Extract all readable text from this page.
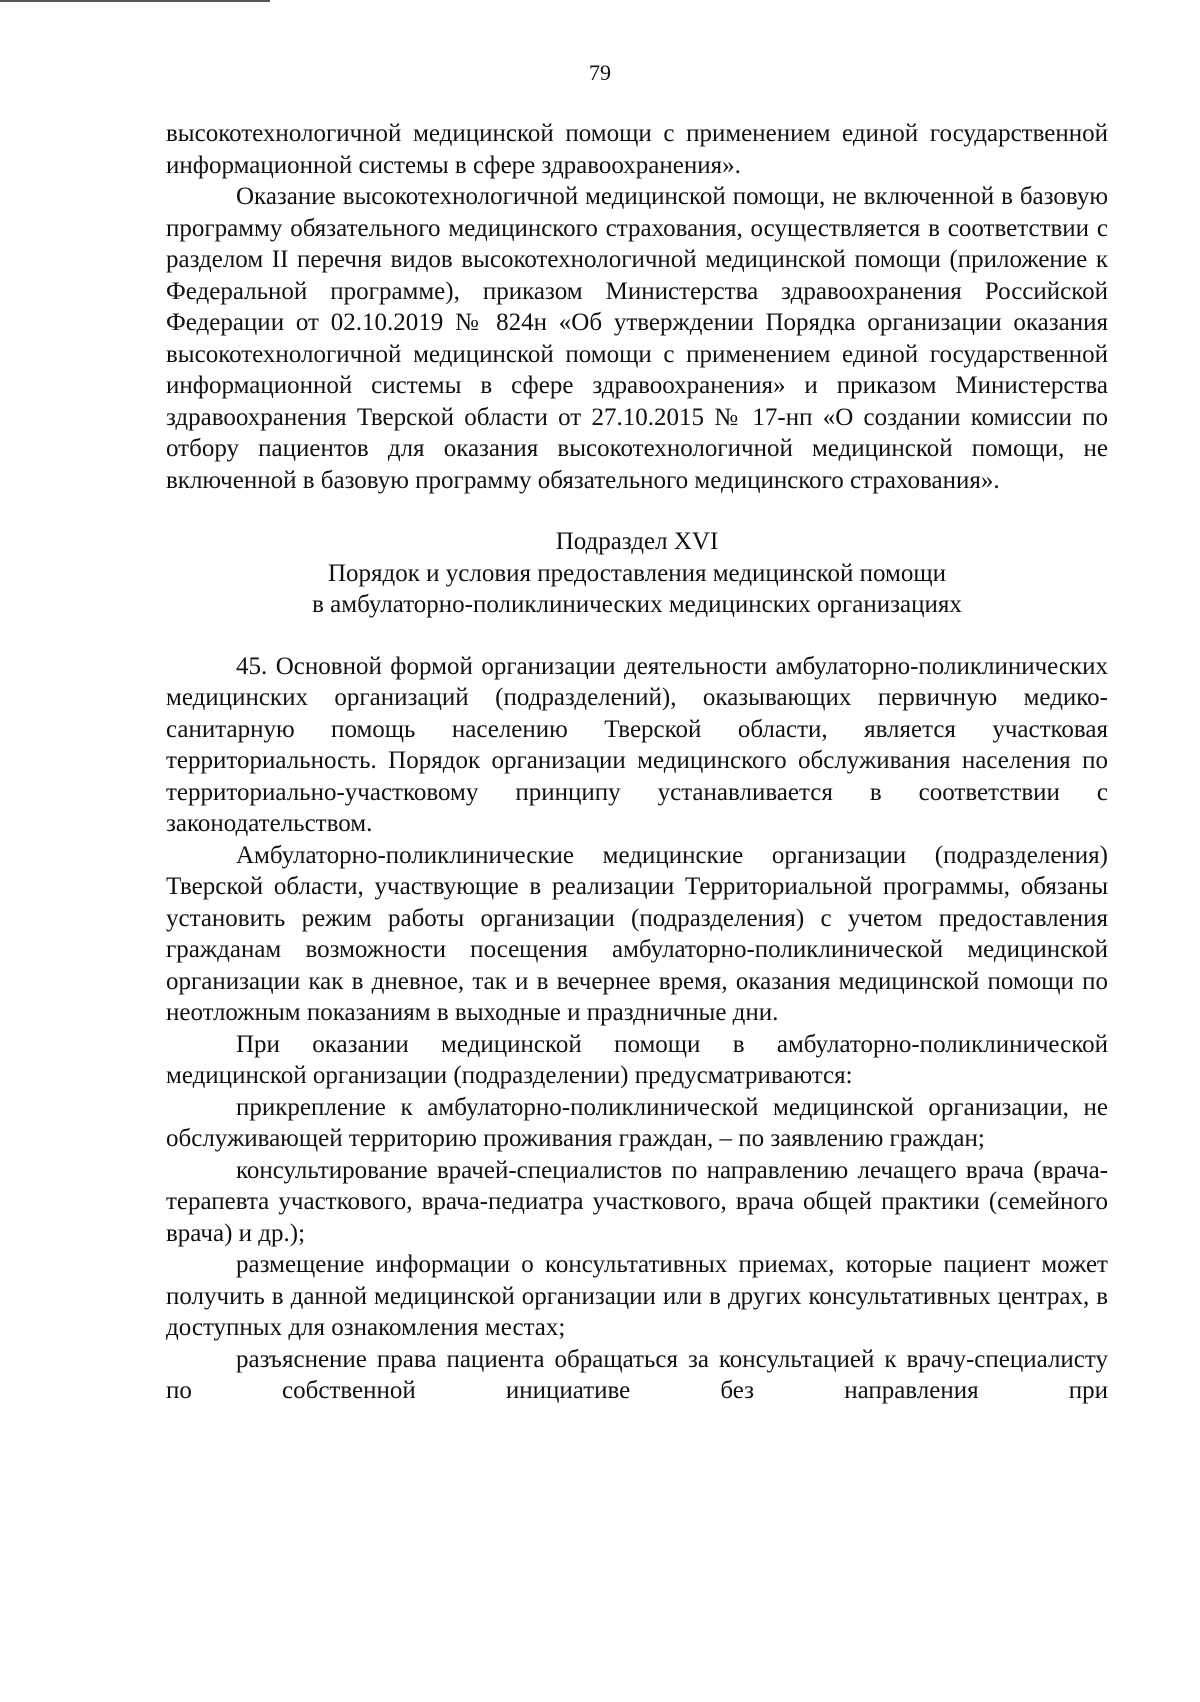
79

высокотехнологичной медицинской помощи с применением единой государственной информационной системы в сфере здравоохранения».

Оказание высокотехнологичной медицинской помощи, не включенной в базовую программу обязательного медицинского страхования, осуществляется в соответствии с разделом II перечня видов высокотехнологичной медицинской помощи (приложение к Федеральной программе), приказом Министерства здравоохранения Российской Федерации от 02.10.2019 № 824н «Об утверждении Порядка организации оказания высокотехнологичной медицинской помощи с применением единой государственной информационной системы в сфере здравоохранения» и приказом Министерства здравоохранения Тверской области от 27.10.2015 № 17-нп «О создании комиссии по отбору пациентов для оказания высокотехнологичной медицинской помощи, не включенной в базовую программу обязательного медицинского страхования».

Подраздел XVI

Порядок и условия предоставления медицинской помощи

в амбулаторно-поликлинических медицинских организациях

45. Основной формой организации деятельности амбулаторно-поликлинических медицинских организаций (подразделений), оказывающих первичную медико-санитарную помощь населению Тверской области, является участковая территориальность. Порядок организации медицинского обслуживания населения по территориально-участковому принципу устанавливается в соответствии с законодательством.

Амбулаторно-поликлинические медицинские организации (подразделения) Тверской области, участвующие в реализации Территориальной программы, обязаны установить режим работы организации (подразделения) с учетом предоставления гражданам возможности посещения амбулаторно-поликлинической медицинской организации как в дневное, так и в вечернее время, оказания медицинской помощи по неотложным показаниям в выходные и праздничные дни.

При оказании медицинской помощи в амбулаторно-поликлинической медицинской организации (подразделении) предусматриваются:

прикрепление к амбулаторно-поликлинической медицинской организации, не обслуживающей территорию проживания граждан, – по заявлению граждан;

консультирование врачей-специалистов по направлению лечащего врача (врача-терапевта участкового, врача-педиатра участкового, врача общей практики (семейного врача) и др.);

размещение информации о консультативных приемах, которые пациент может получить в данной медицинской организации или в других консультативных центрах, в доступных для ознакомления местах;

разъяснение права пациента обращаться за консультацией к врачу-специалисту по собственной инициативе без направления при
